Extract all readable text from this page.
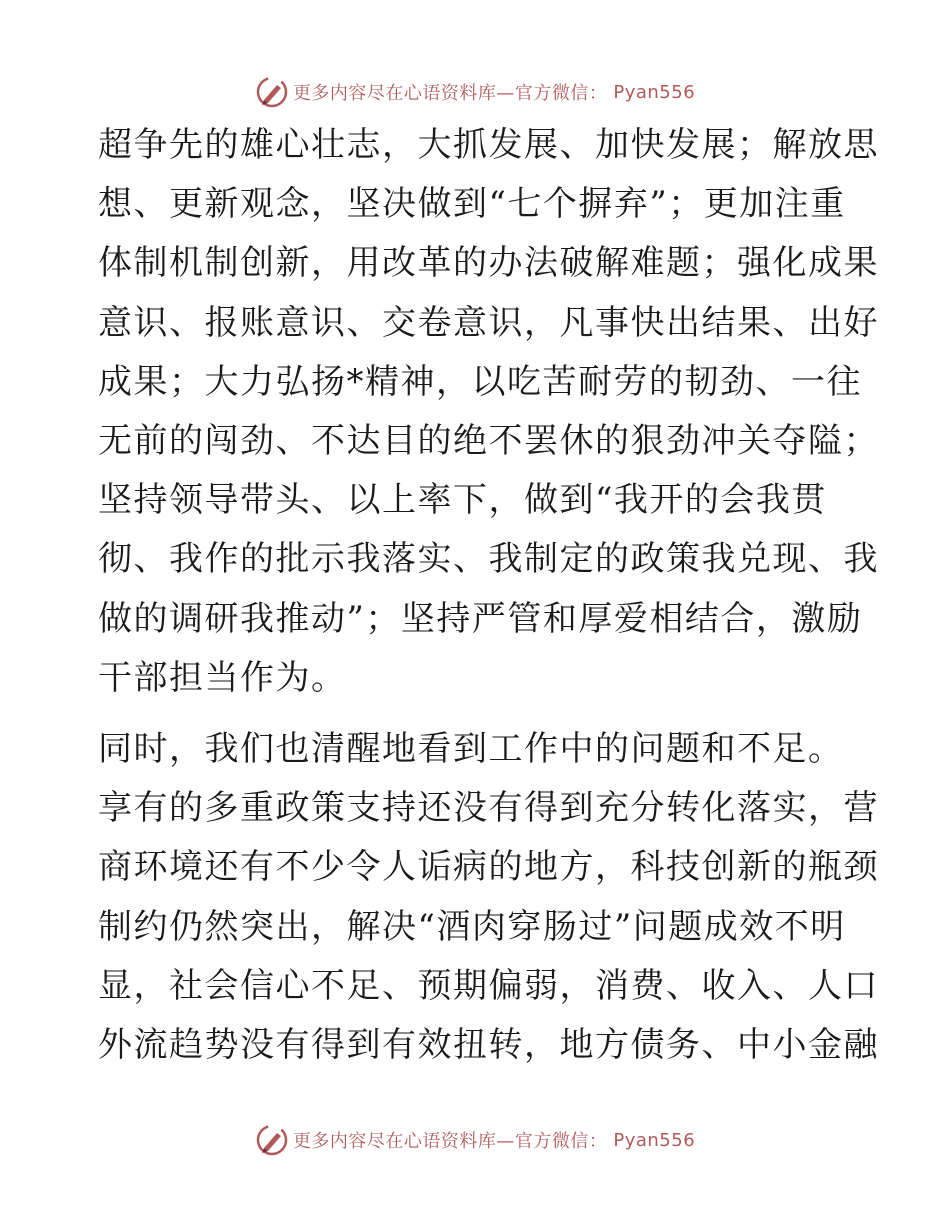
更多内容尽在心语资料库—官方微信： Pyan556

超争先的雄心壮志，大抓发展、加快发展；解放思
想、更新观念，坚决做到“七个摒弃”；更加注重
体制机制创新，用改革的办法破解难题；强化成果
意识、报账意识、交卷意识，凡事快出结果、出好
成果；大力弘扬*精神，以吃苦耐劳的韧劲、一往
无前的闯劲、不达目的绝不罢休的狠劲冲关夺隘；
坚持领导带头、以上率下，做到“我开的会我贯
彻、我作的批示我落实、我制定的政策我兑现、我
做的调研我推动”；坚持严管和厚爱相结合，激励
干部担当作为。

同时，我们也清醒地看到工作中的问题和不足。
享有的多重政策支持还没有得到充分转化落实，营
商环境还有不少令人诟病的地方，科技创新的瓶颈
制约仍然突出，解决“酒肉穿肠过”问题成效不明
显，社会信心不足、预期偏弱，消费、收入、人口
外流趋势没有得到有效扭转，地方债务、中小金融

更多内容尽在心语资料库—官方微信： Pyan556
